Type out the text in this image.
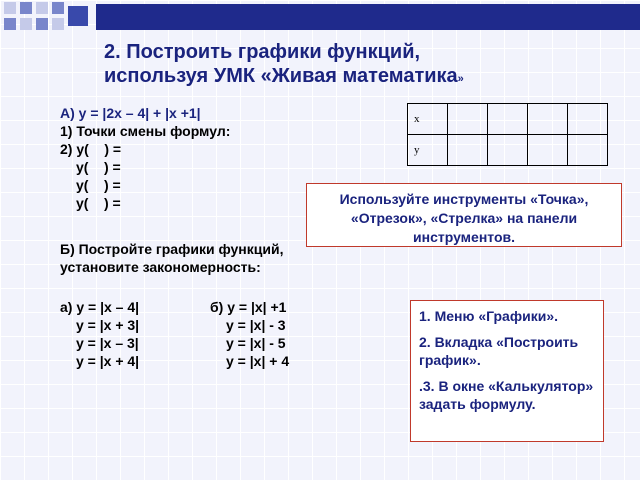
2. Построить графики функций,
используя УМК «Живая математика»
А) у = |2х – 4| + |х +1|
1) Точки смены формул:
2) у(    ) =
у(    ) =
у(    ) =
у(    ) =
Б) Постройте графики функций,
установите закономерность:
а) у = |х – 4|
у = |х + 3|
у = |х – 3|
у = |х + 4|
б) у = |х| +1
у = |х| - 3
у = |х| - 5
у = |х| + 4
x				
y				
Используйте инструменты «Точка», «Отрезок», «Стрелка» на панели инструментов.

1. Меню «Графики».

2. Вкладка «Построить график».

.3. В окне «Калькулятор» задать формулу.
